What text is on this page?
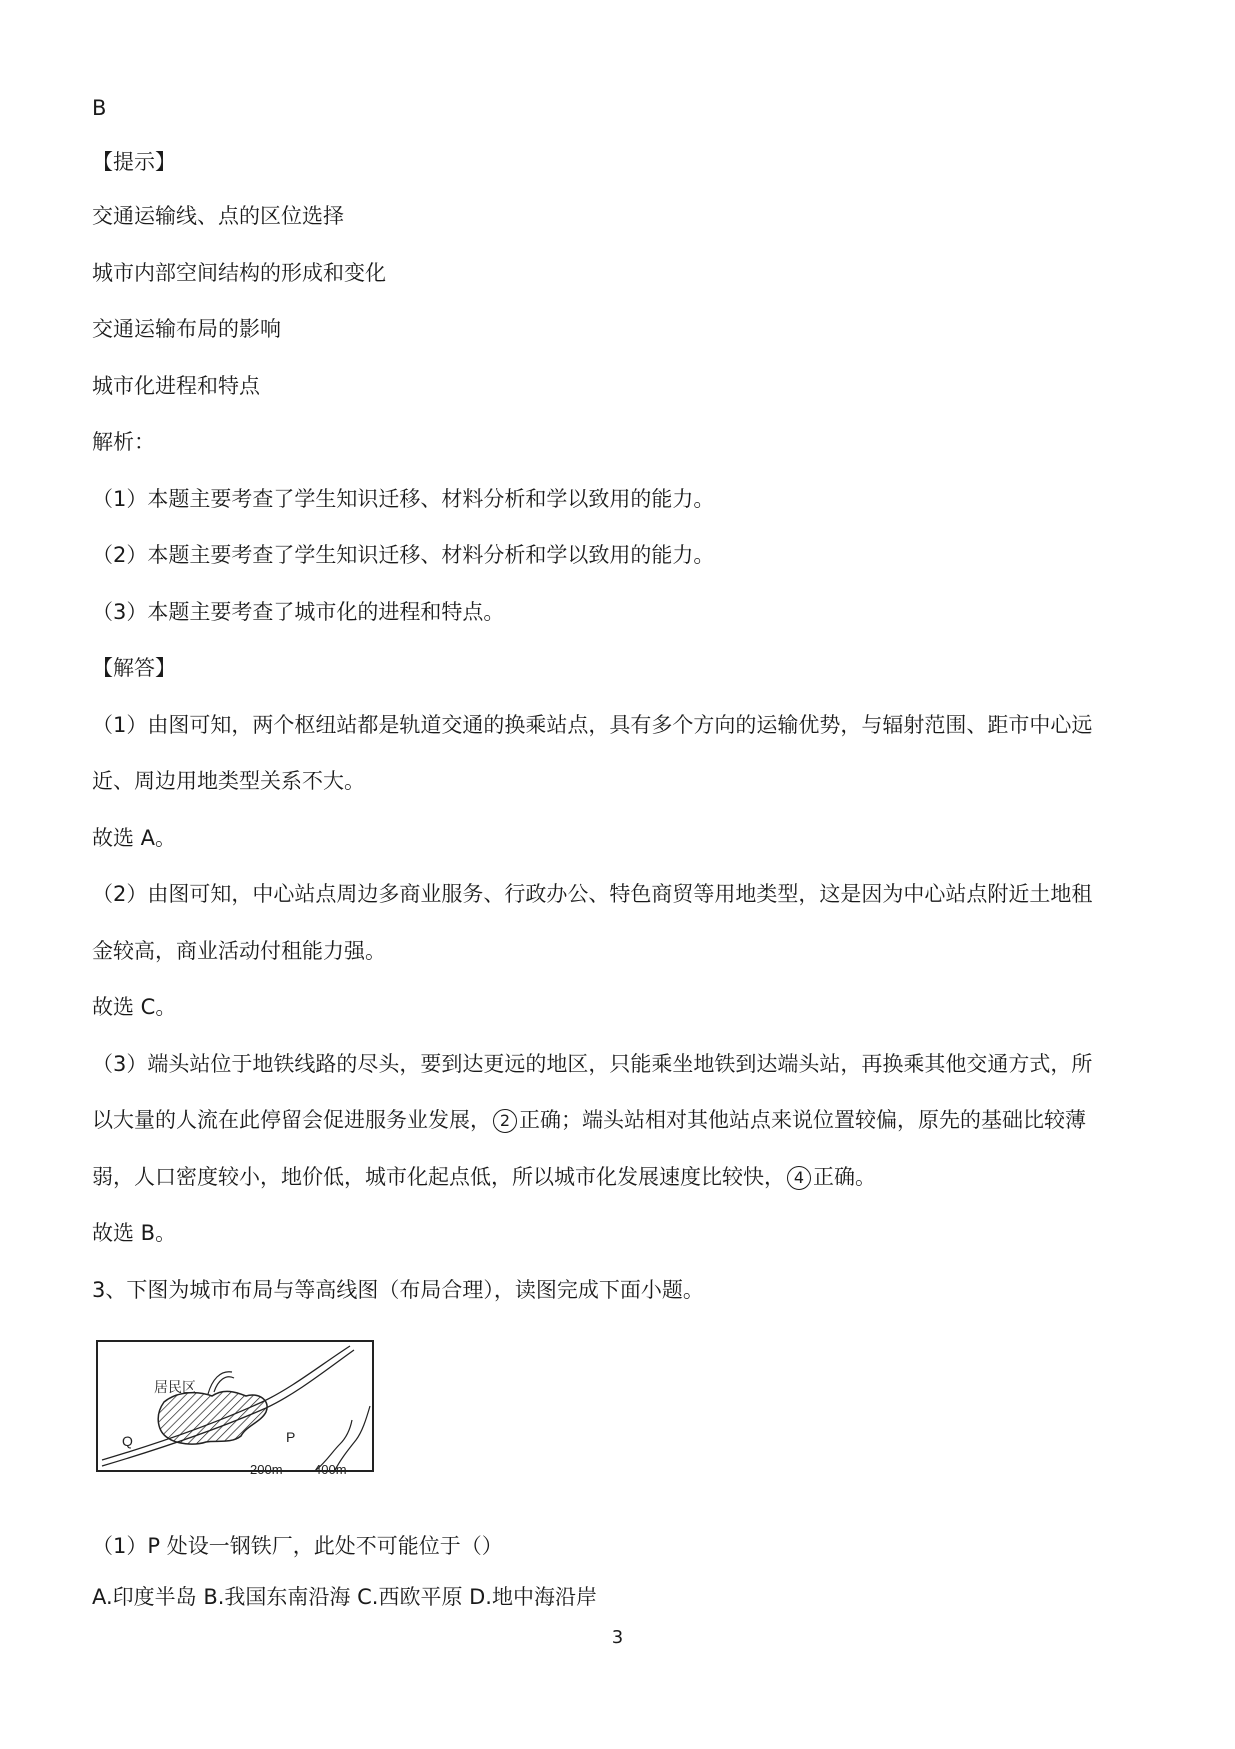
B
【提示】
交通运输线、点的区位选择
城市内部空间结构的形成和变化
交通运输布局的影响
城市化进程和特点
解析：
（1）本题主要考查了学生知识迁移、材料分析和学以致用的能力。
（2）本题主要考查了学生知识迁移、材料分析和学以致用的能力。
（3）本题主要考查了城市化的进程和特点。
【解答】
（1）由图可知，两个枢纽站都是轨道交通的换乘站点，具有多个方向的运输优势，与辐射范围、距市中心远
近、周边用地类型关系不大。
故选 A。
（2）由图可知，中心站点周边多商业服务、行政办公、特色商贸等用地类型，这是因为中心站点附近土地租
金较高，商业活动付租能力强。
故选 C。
（3）端头站位于地铁线路的尽头，要到达更远的地区，只能乘坐地铁到达端头站，再换乘其他交通方式，所
以大量的人流在此停留会促进服务业发展， 2 正确；端头站相对其他站点来说位置较偏，原先的基础比较薄
弱，人口密度较小，地价低，城市化起点低，所以城市化发展速度比较快， 4 正确。
故选 B。
3、下图为城市布局与等高线图（布局合理），读图完成下面小题。
居民区
Q	P
200m 400m
（1）P 处设一钢铁厂，此处不可能位于（）
A.印度半岛 B.我国东南沿海 C.西欧平原 D.地中海沿岸
3
